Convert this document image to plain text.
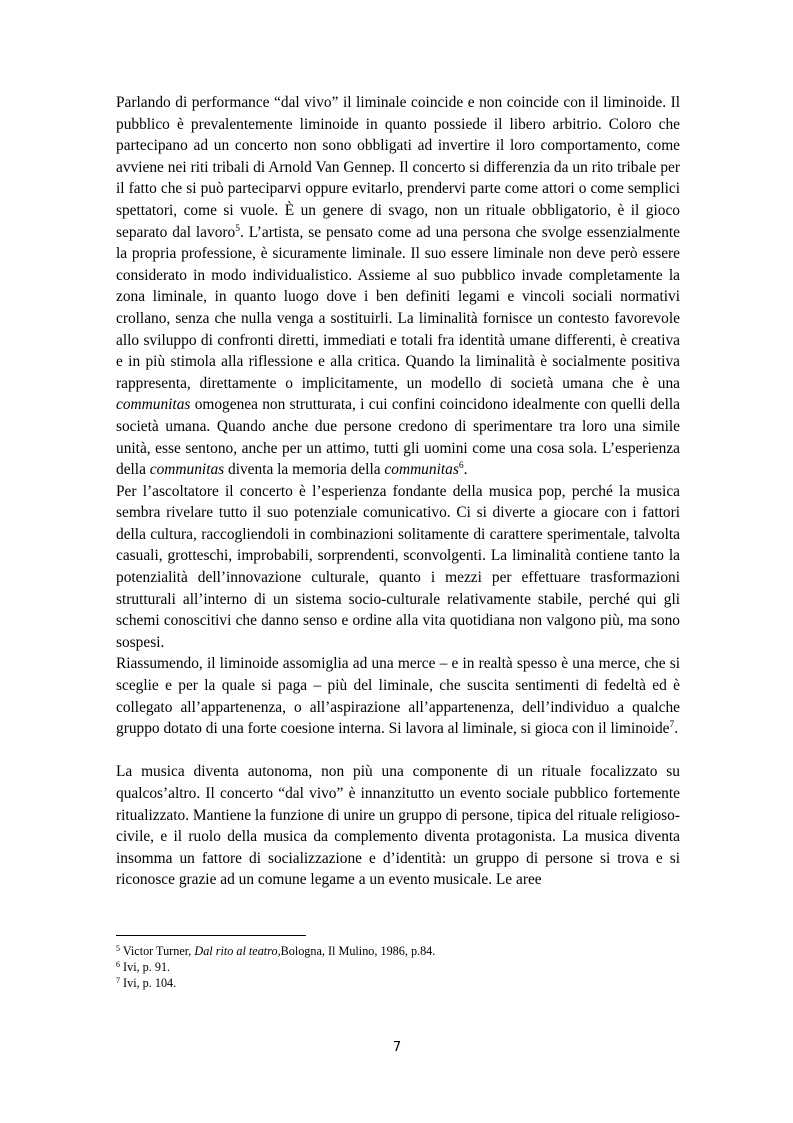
Parlando di performance “dal vivo” il liminale coincide e non coincide con il liminoide. Il pubblico è prevalentemente liminoide in quanto possiede il libero arbitrio. Coloro che partecipano ad un concerto non sono obbligati ad invertire il loro comportamento, come avviene nei riti tribali di Arnold Van Gennep. Il concerto si differenzia da un rito tribale per il fatto che si può parteciparvi oppure evitarlo, prendervi parte come attori o come semplici spettatori, come si vuole. È un genere di svago, non un rituale obbligatorio, è il gioco separato dal lavoro$^5$. L’artista, se pensato come ad una persona che svolge essenzialmente la propria professione, è sicuramente liminale. Il suo essere liminale non deve però essere considerato in modo individualistico. Assieme al suo pubblico invade completamente la zona liminale, in quanto luogo dove i ben definiti legami e vincoli sociali normativi crollano, senza che nulla venga a sostituirli. La liminalità fornisce un contesto favorevole allo sviluppo di confronti diretti, immediati e totali fra identità umane differenti, è creativa e in più stimola alla riflessione e alla critica. Quando la liminalità è socialmente positiva rappresenta, direttamente o implicitamente, un modello di società umana che è una communitas omogenea non strutturata, i cui confini coincidono idealmente con quelli della società umana. Quando anche due persone credono di sperimentare tra loro una simile unità, esse sentono, anche per un attimo, tutti gli uomini come una cosa sola. L’esperienza della communitas diventa la memoria della communitas$^6$.

Per l’ascoltatore il concerto è l’esperienza fondante della musica pop, perché la musica sembra rivelare tutto il suo potenziale comunicativo. Ci si diverte a giocare con i fattori della cultura, raccogliendoli in combinazioni solitamente di carattere sperimentale, talvolta casuali, grotteschi, improbabili, sorprendenti, sconvolgenti. La liminalità contiene tanto la potenzialità dell’innovazione culturale, quanto i mezzi per effettuare trasformazioni strutturali all’interno di un sistema socio-culturale relativamente stabile, perché qui gli schemi conoscitivi che danno senso e ordine alla vita quotidiana non valgono più, ma sono sospesi.

Riassumendo, il liminoide assomiglia ad una merce – e in realtà spesso è una merce, che si sceglie e per la quale si paga – più del liminale, che suscita sentimenti di fedeltà ed è collegato all’appartenenza, o all’aspirazione all’appartenenza, dell’individuo a qualche gruppo dotato di una forte coesione interna. Si lavora al liminale, si gioca con il liminoide$^7$.

La musica diventa autonoma, non più una componente di un rituale focalizzato su qualcos’altro. Il concerto “dal vivo” è innanzitutto un evento sociale pubblico fortemente ritualizzato. Mantiene la funzione di unire un gruppo di persone, tipica del rituale religioso-civile, e il ruolo della musica da complemento diventa protagonista. La musica diventa insomma un fattore di socializzazione e d’identità: un gruppo di persone si trova e si riconosce grazie ad un comune legame a un evento musicale. Le aree

$^5$ Victor Turner, Dal rito al teatro,Bologna, Il Mulino, 1986, p.84.

$^6$ Ivi, p. 91.

$^7$ Ivi, p. 104.

7
